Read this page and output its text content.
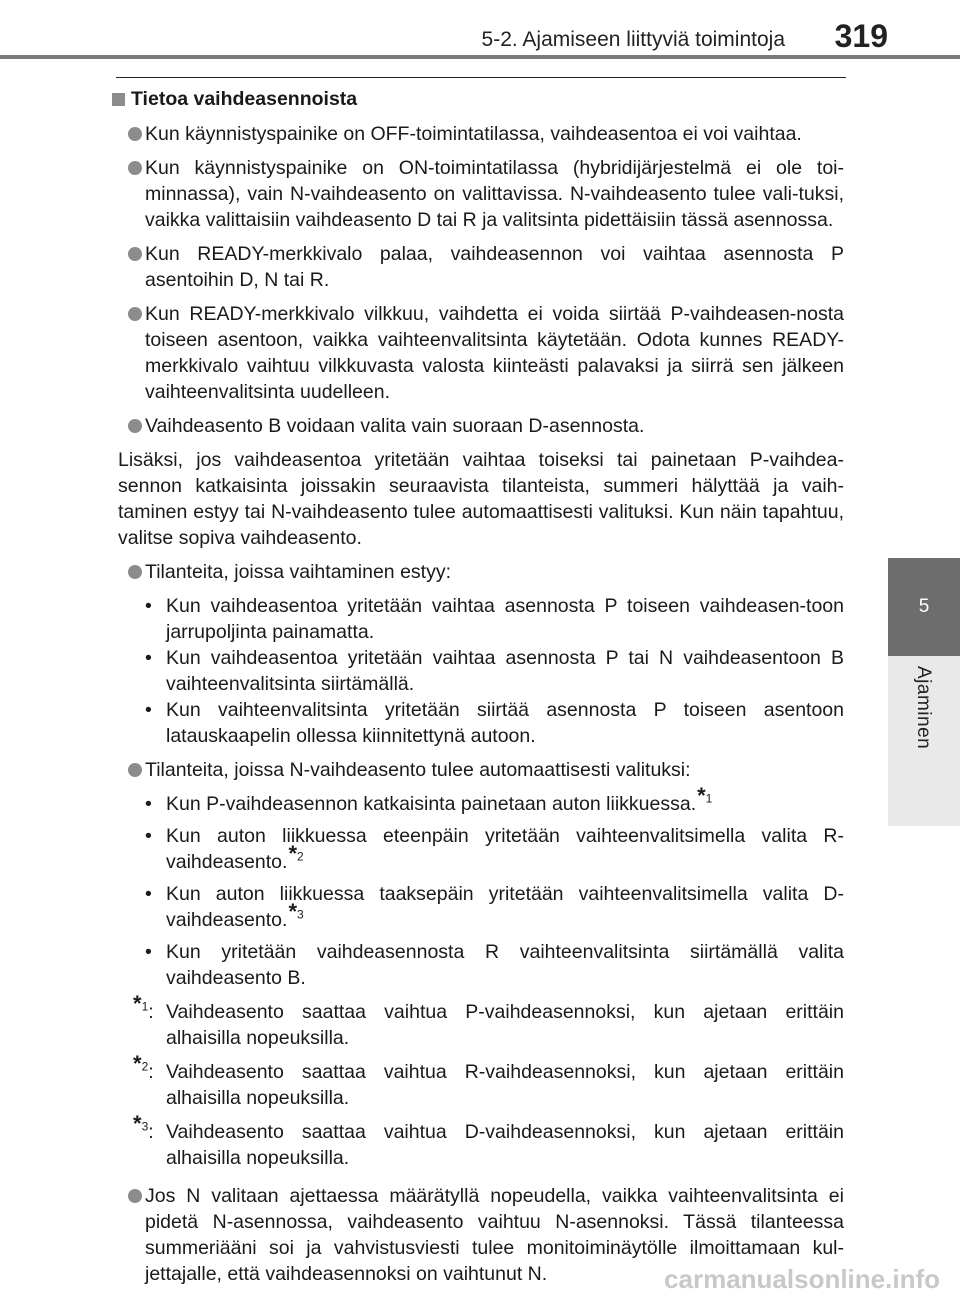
5-2. Ajamiseen liittyviä toimintoja 319
5
Ajaminen
Tietoa vaihdeasennoista
Kun käynnistyspainike on OFF-toimintatilassa, vaihdeasentoa ei voi vaihtaa.
Kun käynnistyspainike on ON-toimintatilassa (hybridijärjestelmä ei ole toi-minnassa), vain N-vaihdeasento on valittavissa. N-vaihdeasento tulee vali-tuksi, vaikka valittaisiin vaihdeasento D tai R ja valitsinta pidettäisiin tässä asennossa.
Kun READY-merkkivalo palaa, vaihdeasennon voi vaihtaa asennosta P asentoihin D, N tai R.
Kun READY-merkkivalo vilkkuu, vaihdetta ei voida siirtää P-vaihdeasen-nosta toiseen asentoon, vaikka vaihteenvalitsinta käytetään. Odota kunnes READY-merkkivalo vaihtuu vilkkuvasta valosta kiinteästi palavaksi ja siirrä sen jälkeen vaihteenvalitsinta uudelleen.
Vaihdeasento B voidaan valita vain suoraan D-asennosta.
Lisäksi, jos vaihdeasentoa yritetään vaihtaa toiseksi tai painetaan P-vaihdea-sennon katkaisinta joissakin seuraavista tilanteista, summeri hälyttää ja vaih-taminen estyy tai N-vaihdeasento tulee automaattisesti valituksi. Kun näin tapahtuu, valitse sopiva vaihdeasento.
Tilanteita, joissa vaihtaminen estyy:
• Kun vaihdeasentoa yritetään vaihtaa asennosta P toiseen vaihdeasen-toon jarrupoljinta painamatta.
• Kun vaihdeasentoa yritetään vaihtaa asennosta P tai N vaihdeasentoon B vaihteenvalitsinta siirtämällä.
• Kun vaihteenvalitsinta yritetään siirtää asennosta P toiseen asentoon latauskaapelin ollessa kiinnitettynä autoon.
Tilanteita, joissa N-vaihdeasento tulee automaattisesti valituksi:
• Kun P-vaihdeasennon katkaisinta painetaan auton liikkuessa.*$^1$
• Kun auton liikkuessa eteenpäin yritetään vaihteenvalitsimella valita R-vaihdeasento.*$^2$
• Kun auton liikkuessa taaksepäin yritetään vaihteenvalitsimella valita D-vaihdeasento.*$^3$
• Kun yritetään vaihdeasennosta R vaihteenvalitsinta siirtämällä valita vaihdeasento B.
*$^1$: Vaihdeasento saattaa vaihtua P-vaihdeasennoksi, kun ajetaan erittäin alhaisilla nopeuksilla.
*$^2$: Vaihdeasento saattaa vaihtua R-vaihdeasennoksi, kun ajetaan erittäin alhaisilla nopeuksilla.
*$^3$: Vaihdeasento saattaa vaihtua D-vaihdeasennoksi, kun ajetaan erittäin alhaisilla nopeuksilla.
Jos N valitaan ajettaessa määrätyllä nopeudella, vaikka vaihteenvalitsinta ei pidetä N-asennossa, vaihdeasento vaihtuu N-asennoksi. Tässä tilanteessa summeriääni soi ja vahvistusviesti tulee monitoiminäytölle ilmoittamaan kul-jettajalle, että vaihdeasennoksi on vaihtunut N.	carmanualsonline.info
